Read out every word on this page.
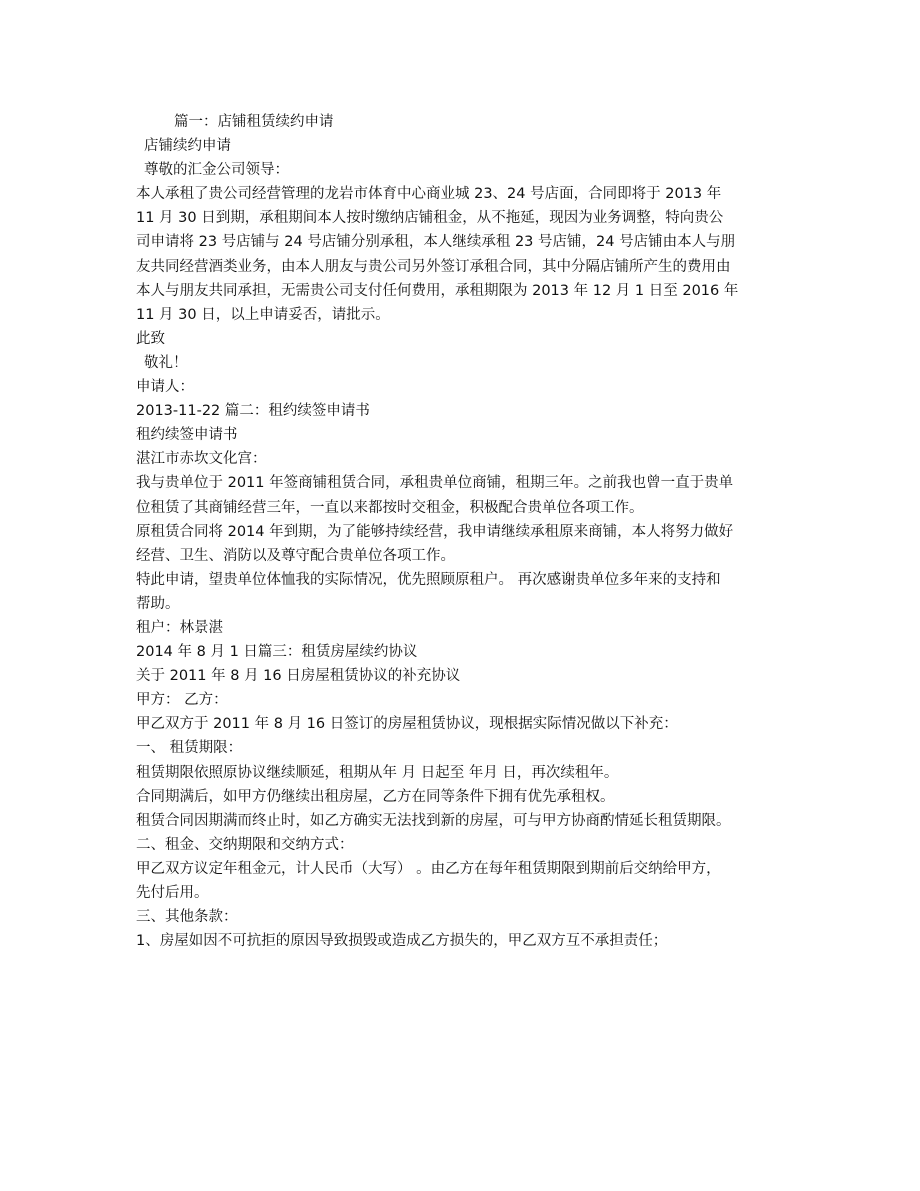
篇一：店铺租赁续约申请

店铺续约申请

尊敬的汇金公司领导：

本人承租了贵公司经营管理的龙岩市体育中心商业城 23、24 号店面，合同即将于 2013 年

11 月 30 日到期，承租期间本人按时缴纳店铺租金，从不拖延，现因为业务调整，特向贵公

司申请将 23 号店铺与 24 号店铺分别承租，本人继续承租 23 号店铺，24 号店铺由本人与朋

友共同经营酒类业务，由本人朋友与贵公司另外签订承租合同，其中分隔店铺所产生的费用由

本人与朋友共同承担，无需贵公司支付任何费用，承租期限为 2013 年 12 月 1 日至 2016 年

11 月 30 日，以上申请妥否，请批示。

此致

敬礼！

申请人：

2013-11-22 篇二：租约续签申请书

租约续签申请书

湛江市赤坎文化宫：

我与贵单位于 2011 年签商铺租赁合同，承租贵单位商铺，租期三年。之前我也曾一直于贵单

位租赁了其商铺经营三年，一直以来都按时交租金，积极配合贵单位各项工作。

原租赁合同将 2014 年到期，为了能够持续经营，我申请继续承租原来商铺，本人将努力做好

经营、卫生、消防以及尊守配合贵单位各项工作。

特此申请，望贵单位体恤我的实际情况，优先照顾原租户。 再次感谢贵单位多年来的支持和

帮助。

租户：林景湛

2014 年 8 月 1 日篇三：租赁房屋续约协议

关于 2011 年 8 月 16 日房屋租赁协议的补充协议

甲方： 乙方：

甲乙双方于 2011 年 8 月 16 日签订的房屋租赁协议，现根据实际情况做以下补充：

一、 租赁期限：

租赁期限依照原协议继续顺延，租期从年 月 日起至 年月 日，再次续租年。

合同期满后，如甲方仍继续出租房屋，乙方在同等条件下拥有优先承租权。

租赁合同因期满而终止时，如乙方确实无法找到新的房屋，可与甲方协商酌情延长租赁期限。

二、租金、交纳期限和交纳方式：

甲乙双方议定年租金元，计人民币（大写） 。由乙方在每年租赁期限到期前后交纳给甲方，

先付后用。

三、其他条款：

1、房屋如因不可抗拒的原因导致损毁或造成乙方损失的，甲乙双方互不承担责任；
